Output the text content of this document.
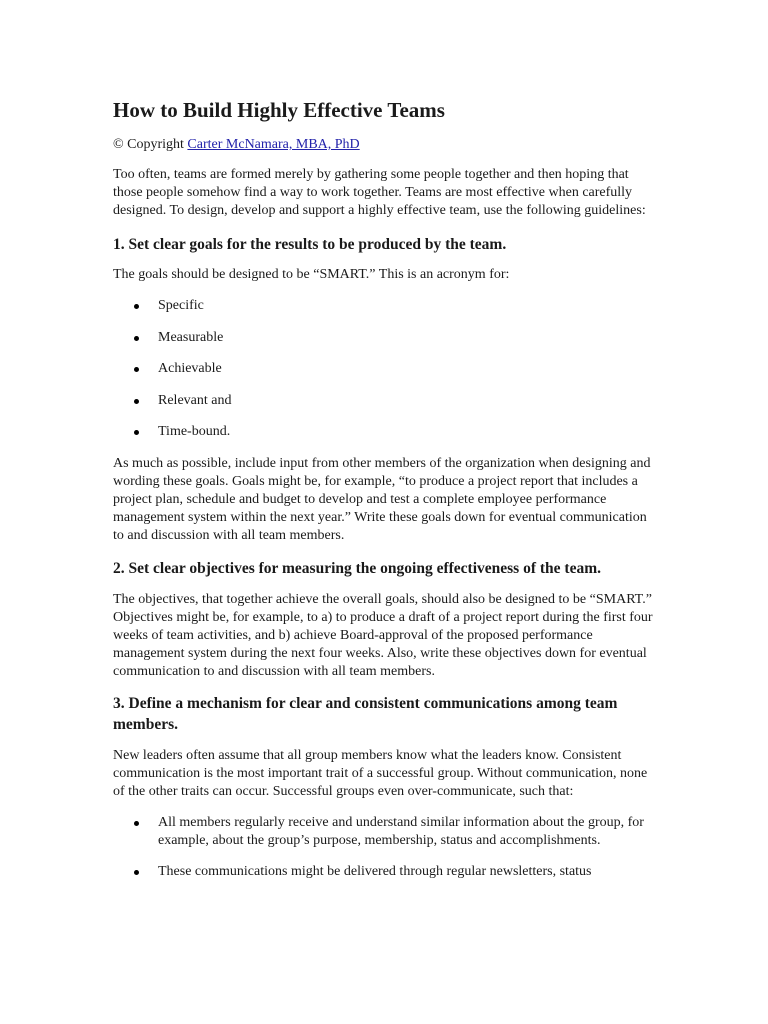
How to Build Highly Effective Teams

© Copyright Carter McNamara, MBA, PhD

Too often, teams are formed merely by gathering some people together and then hoping that those people somehow find a way to work together. Teams are most effective when carefully designed. To design, develop and support a highly effective team, use the following guidelines:

1. Set clear goals for the results to be produced by the team.

The goals should be designed to be “SMART.” This is an acronym for:

Specific
Measurable
Achievable
Relevant and
Time-bound.

As much as possible, include input from other members of the organization when designing and wording these goals. Goals might be, for example, “to produce a project report that includes a project plan, schedule and budget to develop and test a complete employee performance management system within the next year.” Write these goals down for eventual communication to and discussion with all team members.

2. Set clear objectives for measuring the ongoing effectiveness of the team.

The objectives, that together achieve the overall goals, should also be designed to be “SMART.” Objectives might be, for example, to a) to produce a draft of a project report during the first four weeks of team activities, and b) achieve Board-approval of the proposed performance management system during the next four weeks. Also, write these objectives down for eventual communication to and discussion with all team members.

3. Define a mechanism for clear and consistent communications among team members.

New leaders often assume that all group members know what the leaders know. Consistent communication is the most important trait of a successful group. Without communication, none of the other traits can occur. Successful groups even over-communicate, such that:

All members regularly receive and understand similar information about the group, for example, about the group’s purpose, membership, status and accomplishments.
These communications might be delivered through regular newsletters, status
